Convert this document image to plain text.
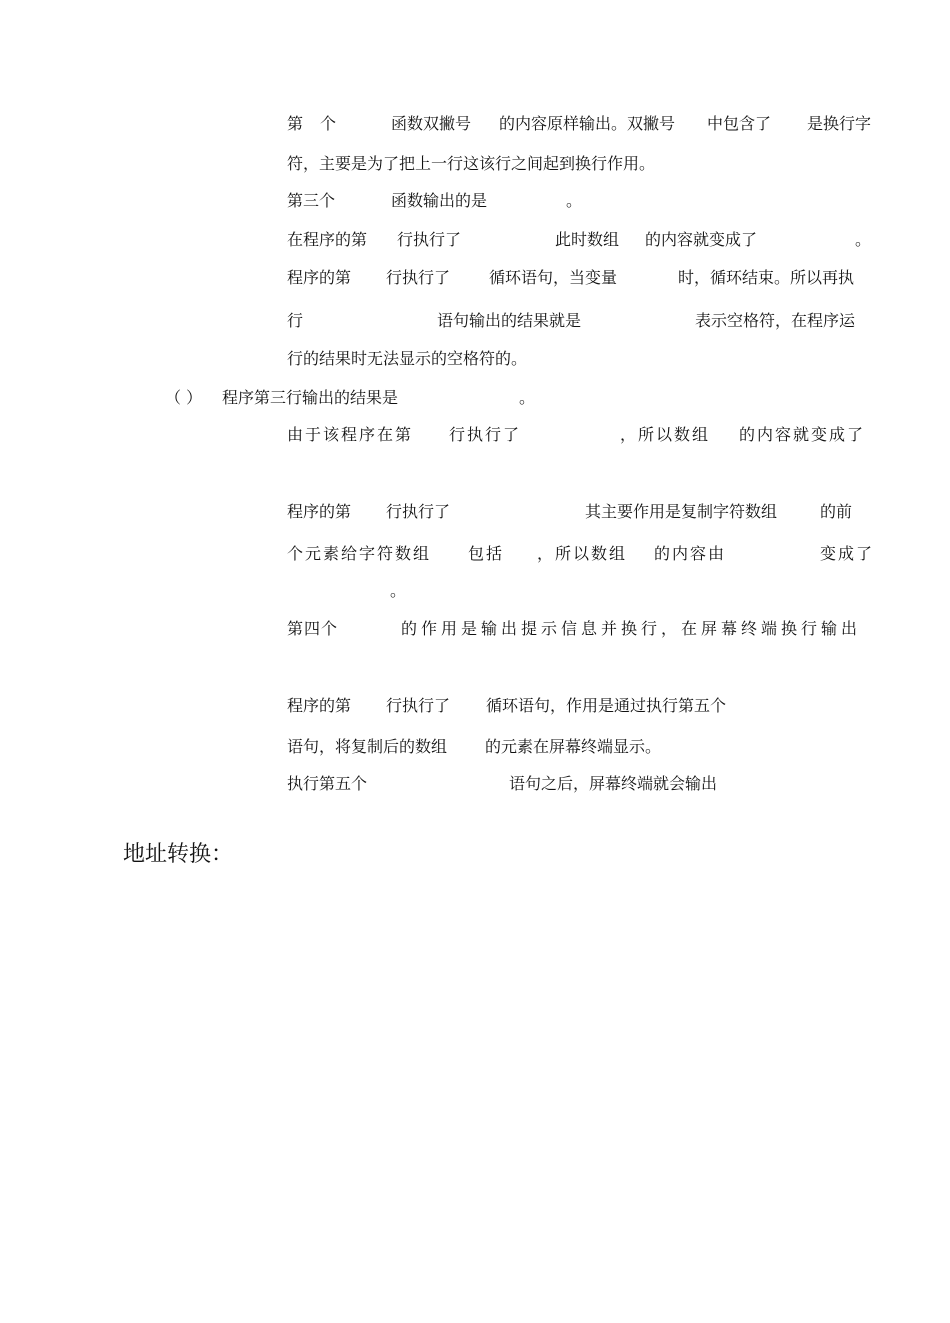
第 个	函数双撇号 的内容原样输出。双撇号 中包含了 是换行字
符，主要是为了把上一行这该行之间起到换行作用。
第三个	函数输出的是	。
在程序的第 行执行了	此时数组 的内容就变成了	。
程序的第 行执行了 循环语句，当变量	时，循环结束。所以再执
行	语句输出的结果就是	表示空格符，在程序运
行的结果时无法显示的空格符的。
（ ） 程序第三行输出的结果是	。
由于该程序在第 行执行了	，所以数组 的内容就变成了
程序的第 行执行了	其主要作用是复制字符数组	的前
个元素给字符数组 包括 ，所以数组 的内容由	变成了
。
第四个	的作用是输出提示信息并换行，在屏幕终端换行输出
程序的第 行执行了 循环语句，作用是通过执行第五个
语句，将复制后的数组 的元素在屏幕终端显示。
执行第五个	语句之后，屏幕终端就会输出
地址转换：
